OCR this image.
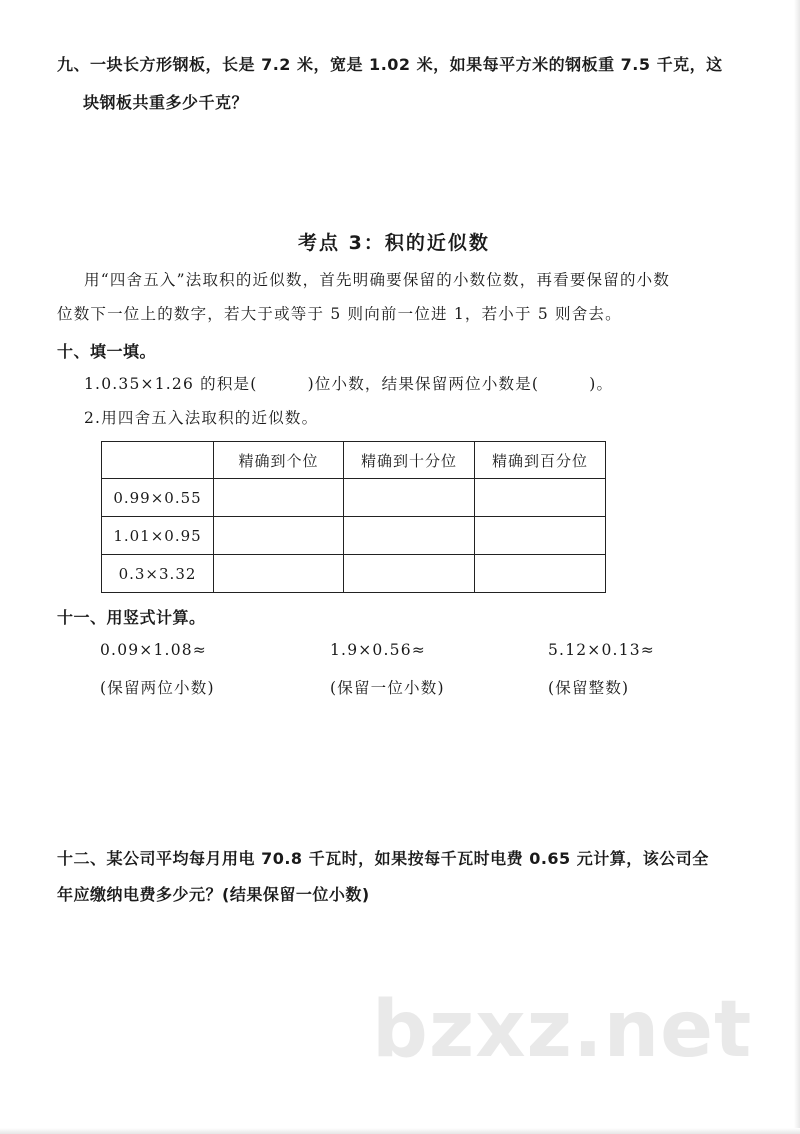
九、一块长方形钢板，长是 7.2 米，宽是 1.02 米，如果每平方米的钢板重 7.5 千克，这
块钢板共重多少千克？
考点 3：积的近似数
用“四舍五入”法取积的近似数，首先明确要保留的小数位数，再看要保留的小数
位数下一位上的数字，若大于或等于 5 则向前一位进 1，若小于 5 则舍去。
十、填一填。
1.0.35×1.26 的积是(　　　)位小数，结果保留两位小数是(　　　)。
2.用四舍五入法取积的近似数。
	精确到个位	精确到十分位	精确到百分位
0.99×0.55			
1.01×0.95			
0.3×3.32			
十一、用竖式计算。
0.09×1.08≈
(保留两位小数)
1.9×0.56≈
(保留一位小数)
5.12×0.13≈
(保留整数)
十二、某公司平均每月用电 70.8 千瓦时，如果按每千瓦时电费 0.65 元计算，该公司全
年应缴纳电费多少元？(结果保留一位小数)
bzxz.net
